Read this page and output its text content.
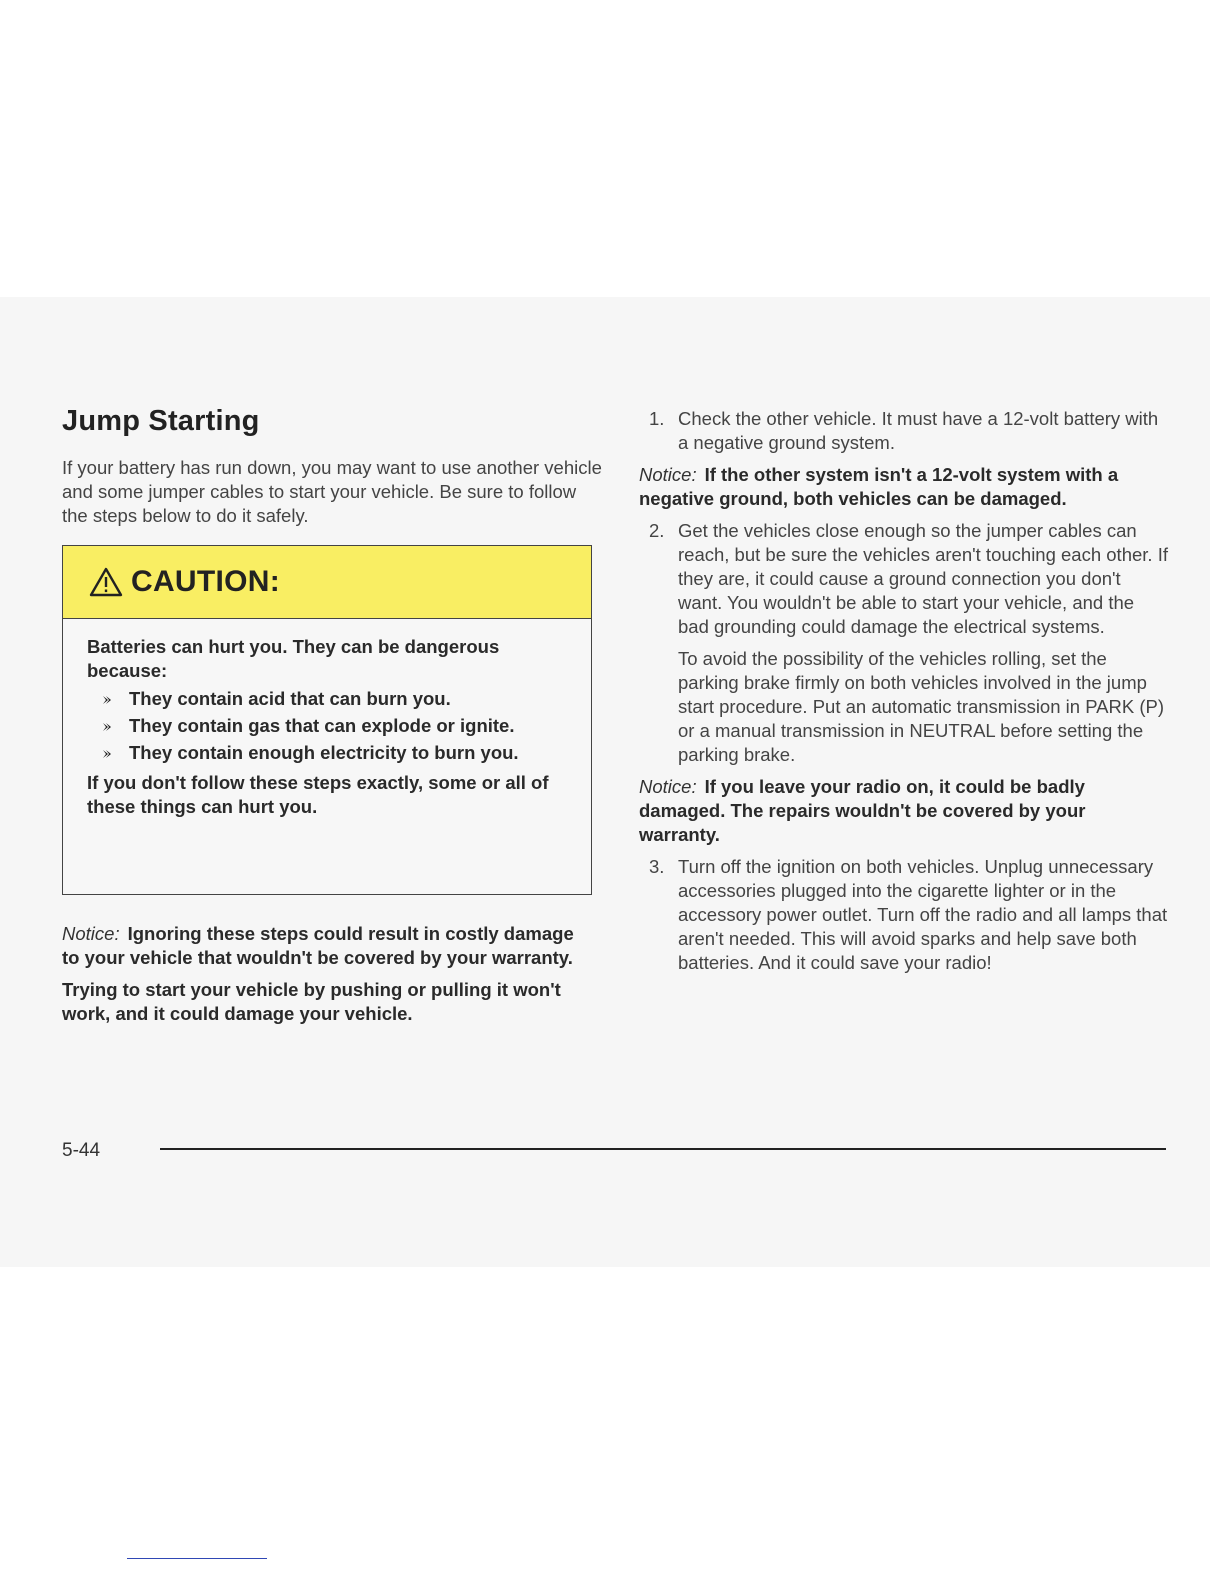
Jump Starting

If your battery has run down, you may want to use another vehicle and some jumper cables to start your vehicle. Be sure to follow the steps below to do it safely.

CAUTION:

Batteries can hurt you. They can be dangerous because:

They contain acid that can burn you.
They contain gas that can explode or ignite.
They contain enough electricity to burn you.

If you don't follow these steps exactly, some or all of these things can hurt you.

Notice: Ignoring these steps could result in costly damage to your vehicle that wouldn't be covered by your warranty.

Trying to start your vehicle by pushing or pulling it won't work, and it could damage your vehicle.

1. Check the other vehicle. It must have a 12-volt battery with a negative ground system.

Notice: If the other system isn't a 12-volt system with a negative ground, both vehicles can be damaged.

2. Get the vehicles close enough so the jumper cables can reach, but be sure the vehicles aren't touching each other. If they are, it could cause a ground connection you don't want. You wouldn't be able to start your vehicle, and the bad grounding could damage the electrical systems.

To avoid the possibility of the vehicles rolling, set the parking brake firmly on both vehicles involved in the jump start procedure. Put an automatic transmission in PARK (P) or a manual transmission in NEUTRAL before setting the parking brake.

Notice: If you leave your radio on, it could be badly damaged. The repairs wouldn't be covered by your warranty.

3. Turn off the ignition on both vehicles. Unplug unnecessary accessories plugged into the cigarette lighter or in the accessory power outlet. Turn off the radio and all lamps that aren't needed. This will avoid sparks and help save both batteries. And it could save your radio!

5-44
